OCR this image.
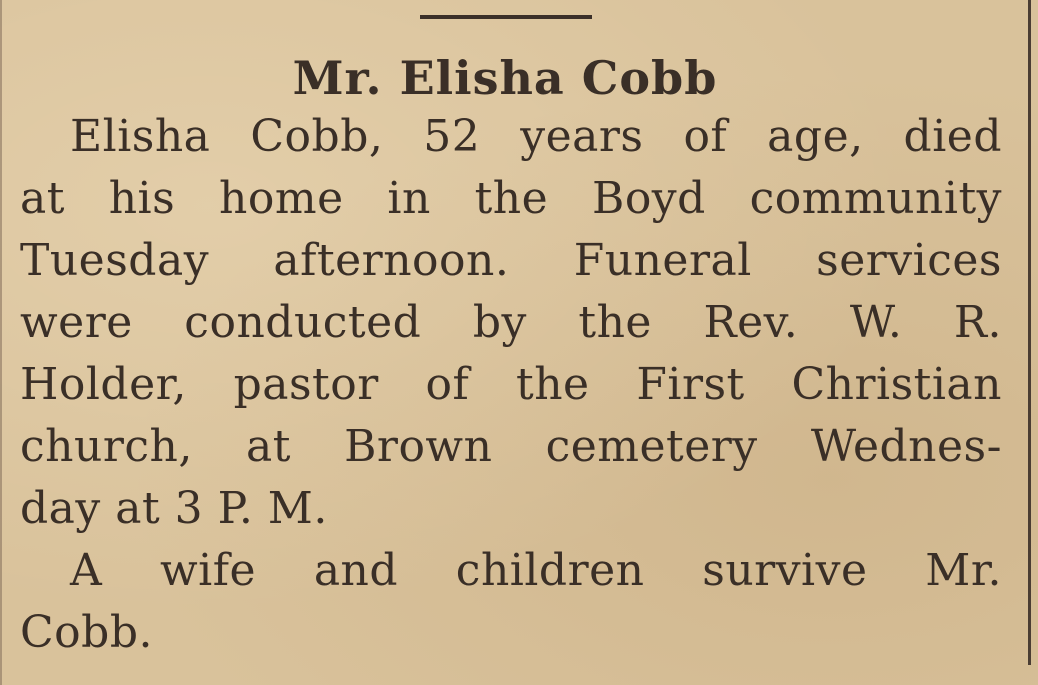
Mr. Elisha Cobb
Elisha Cobb, 52 years of age, died
at his home in the Boyd community
Tuesday afternoon. Funeral services
were conducted by the Rev. W. R.
Holder, pastor of the First Christian
church, at Brown cemetery Wednes-
day at 3 P. M.
A wife and children survive Mr.
Cobb.
